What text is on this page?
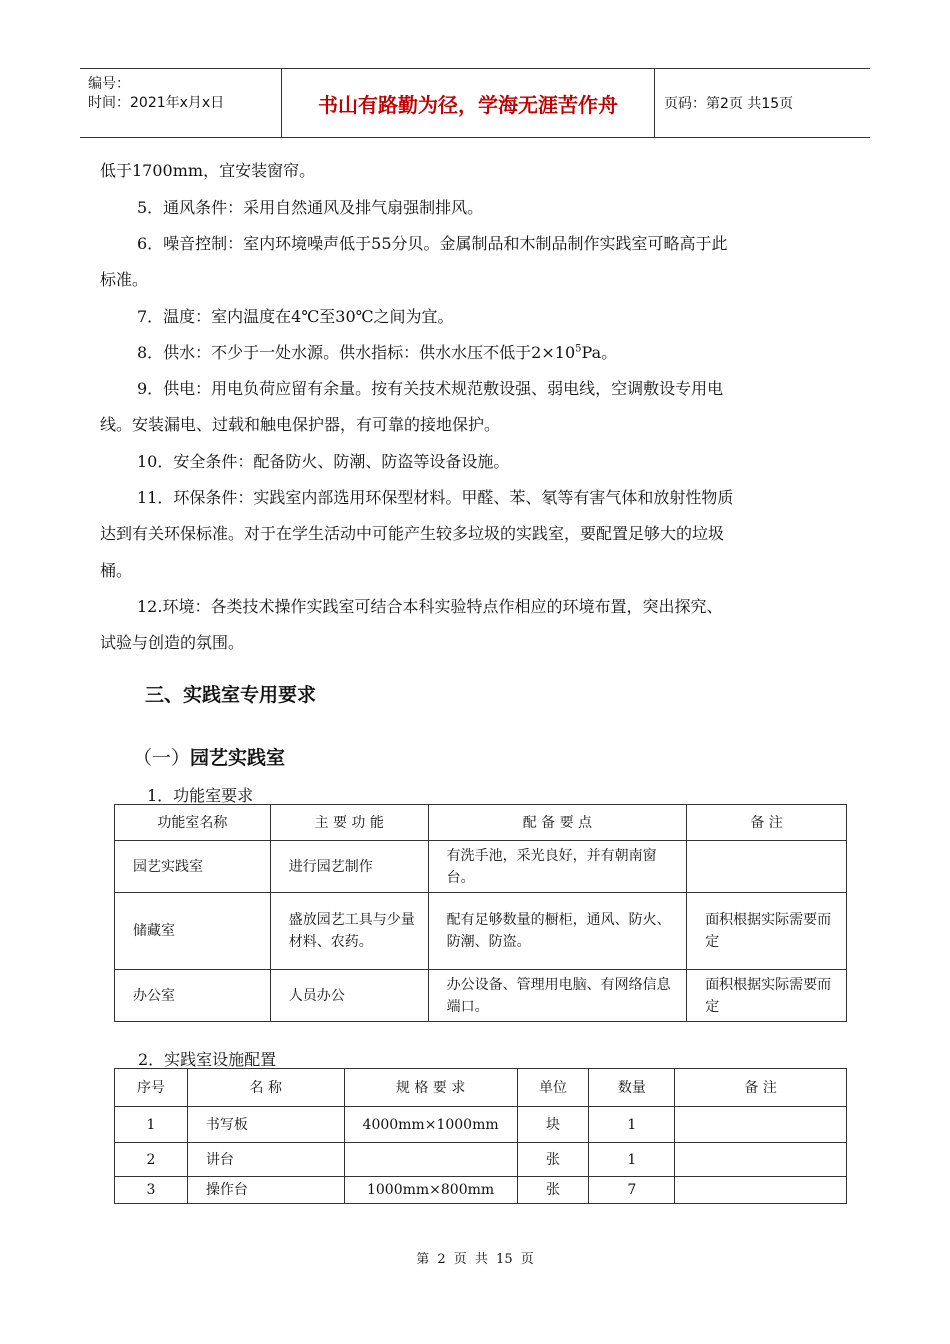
编号：
时间：2021年x月x日	书山有路勤为径，学海无涯苦作舟	页码：第2页 共15页
低于1700mm，宜安装窗帘。
5．通风条件：采用自然通风及排气扇强制排风。
6．噪音控制：室内环境噪声低于55分贝。金属制品和木制品制作实践室可略高于此
标准。
7．温度：室内温度在4℃至30℃之间为宜。
8．供水：不少于一处水源。供水指标：供水水压不低于$2\times 10^5Pa$。
9．供电：用电负荷应留有余量。按有关技术规范敷设强、弱电线，空调敷设专用电
线。安装漏电、过载和触电保护器，有可靠的接地保护。
10．安全条件：配备防火、防潮、防盗等设备设施。
11．环保条件：实践室内部选用环保型材料。甲醛、苯、氡等有害气体和放射性物质
达到有关环保标准。对于在学生活动中可能产生较多垃圾的实践室，要配置足够大的垃圾
桶。
12.环境：各类技术操作实践室可结合本科实验特点作相应的环境布置，突出探究、
试验与创造的氛围。
三、实践室专用要求
（一）园艺实践室
1．功能室要求
功能室名称	主 要 功 能	配 备 要 点	备 注
园艺实践室	进行园艺制作	有洗手池，采光良好，并有朝南窗台。	
储藏室	盛放园艺工具与少量材料、农药。	配有足够数量的橱柜，通风、防火、防潮、防盗。	面积根据实际需要而定
办公室	人员办公	办公设备、管理用电脑、有网络信息端口。	面积根据实际需要而定
2．实践室设施配置
序号	名 称	规 格 要 求	单位	数量	备 注
1	书写板	4000mm×1000mm	块	1	
2	讲台		张	1	
3	操作台	1000mm×800mm	张	7	
第 2 页 共 15 页
